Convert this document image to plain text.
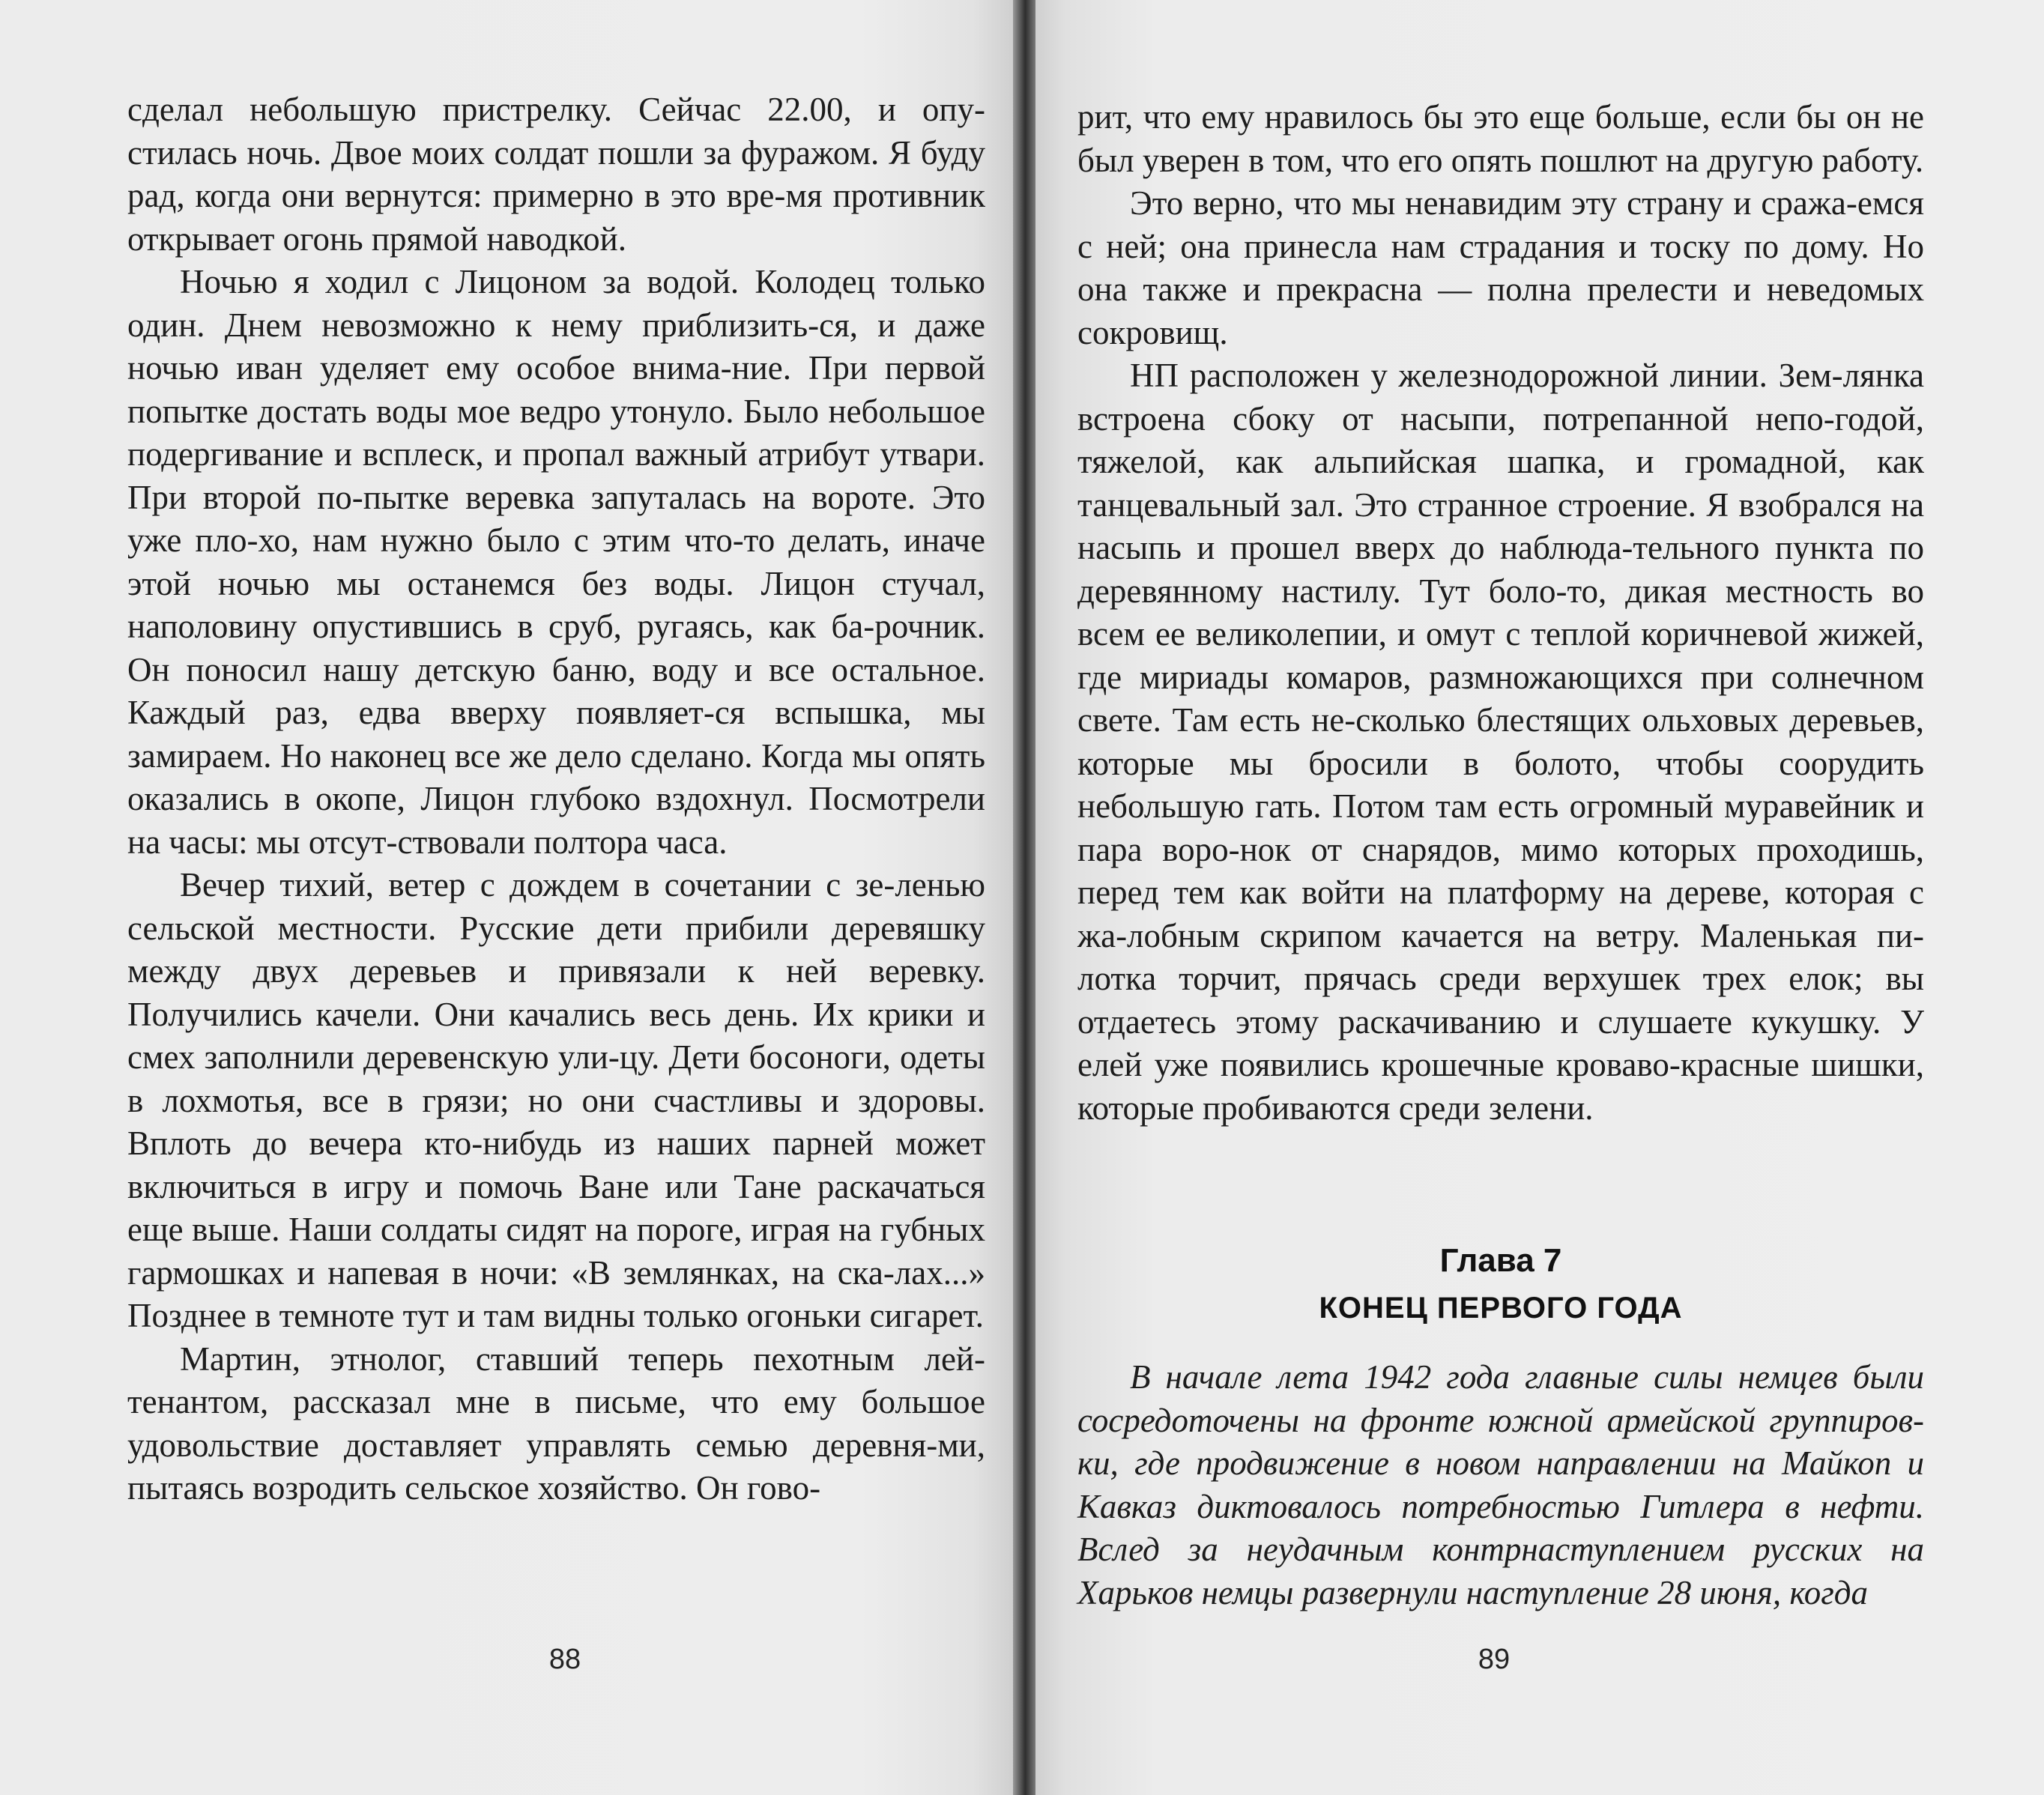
сделал небольшую пристрелку. Сейчас 22.00, и опу-стилась ночь. Двое моих солдат пошли за фуражом. Я буду рад, когда они вернутся: примерно в это вре-мя противник открывает огонь прямой наводкой.

Ночью я ходил с Лицоном за водой. Колодец только один. Днем невозможно к нему приблизить-ся, и даже ночью иван уделяет ему особое внима-ние. При первой попытке достать воды мое ведро утонуло. Было небольшое подергивание и всплеск, и пропал важный атрибут утвари. При второй по-пытке веревка запуталась на вороте. Это уже пло-хо, нам нужно было с этим что-то делать, иначе этой ночью мы останемся без воды. Лицон стучал, наполовину опустившись в сруб, ругаясь, как ба-рочник. Он поносил нашу детскую баню, воду и все остальное. Каждый раз, едва вверху появляет-ся вспышка, мы замираем. Но наконец все же дело сделано. Когда мы опять оказались в окопе, Лицон глубоко вздохнул. Посмотрели на часы: мы отсут-ствовали полтора часа.

Вечер тихий, ветер с дождем в сочетании с зе-ленью сельской местности. Русские дети прибили деревяшку между двух деревьев и привязали к ней веревку. Получились качели. Они качались весь день. Их крики и смех заполнили деревенскую ули-цу. Дети босоноги, одеты в лохмотья, все в грязи; но они счастливы и здоровы. Вплоть до вечера кто-нибудь из наших парней может включиться в игру и помочь Ване или Тане раскачаться еще выше. Наши солдаты сидят на пороге, играя на губных гармошках и напевая в ночи: «В землянках, на ска-лах...» Позднее в темноте тут и там видны только огоньки сигарет.

Мартин, этнолог, ставший теперь пехотным лей-тенантом, рассказал мне в письме, что ему большое удовольствие доставляет управлять семью деревня-ми, пытаясь возродить сельское хозяйство. Он гово-

88

рит, что ему нравилось бы это еще больше, если бы он не был уверен в том, что его опять пошлют на другую работу.

Это верно, что мы ненавидим эту страну и сража-емся с ней; она принесла нам страдания и тоску по дому. Но она также и прекрасна — полна прелести и неведомых сокровищ.

НП расположен у железнодорожной линии. Зем-лянка встроена сбоку от насыпи, потрепанной непо-годой, тяжелой, как альпийская шапка, и громадной, как танцевальный зал. Это странное строение. Я взобрался на насыпь и прошел вверх до наблюда-тельного пункта по деревянному настилу. Тут боло-то, дикая местность во всем ее великолепии, и омут с теплой коричневой жижей, где мириады комаров, размножающихся при солнечном свете. Там есть не-сколько блестящих ольховых деревьев, которые мы бросили в болото, чтобы соорудить небольшую гать. Потом там есть огромный муравейник и пара воро-нок от снарядов, мимо которых проходишь, перед тем как войти на платформу на дереве, которая с жа-лобным скрипом качается на ветру. Маленькая пи-лотка торчит, прячась среди верхушек трех елок; вы отдаетесь этому раскачиванию и слушаете кукушку. У елей уже появились крошечные кроваво-красные шишки, которые пробиваются среди зелени.

Глава 7
КОНЕЦ ПЕРВОГО ГОДА

В начале лета 1942 года главные силы немцев были сосредоточены на фронте южной армейской группиров-ки, где продвижение в новом направлении на Майкоп и Кавказ диктовалось потребностью Гитлера в нефти. Вслед за неудачным контрнаступлением русских на Харьков немцы развернули наступление 28 июня, когда

89
